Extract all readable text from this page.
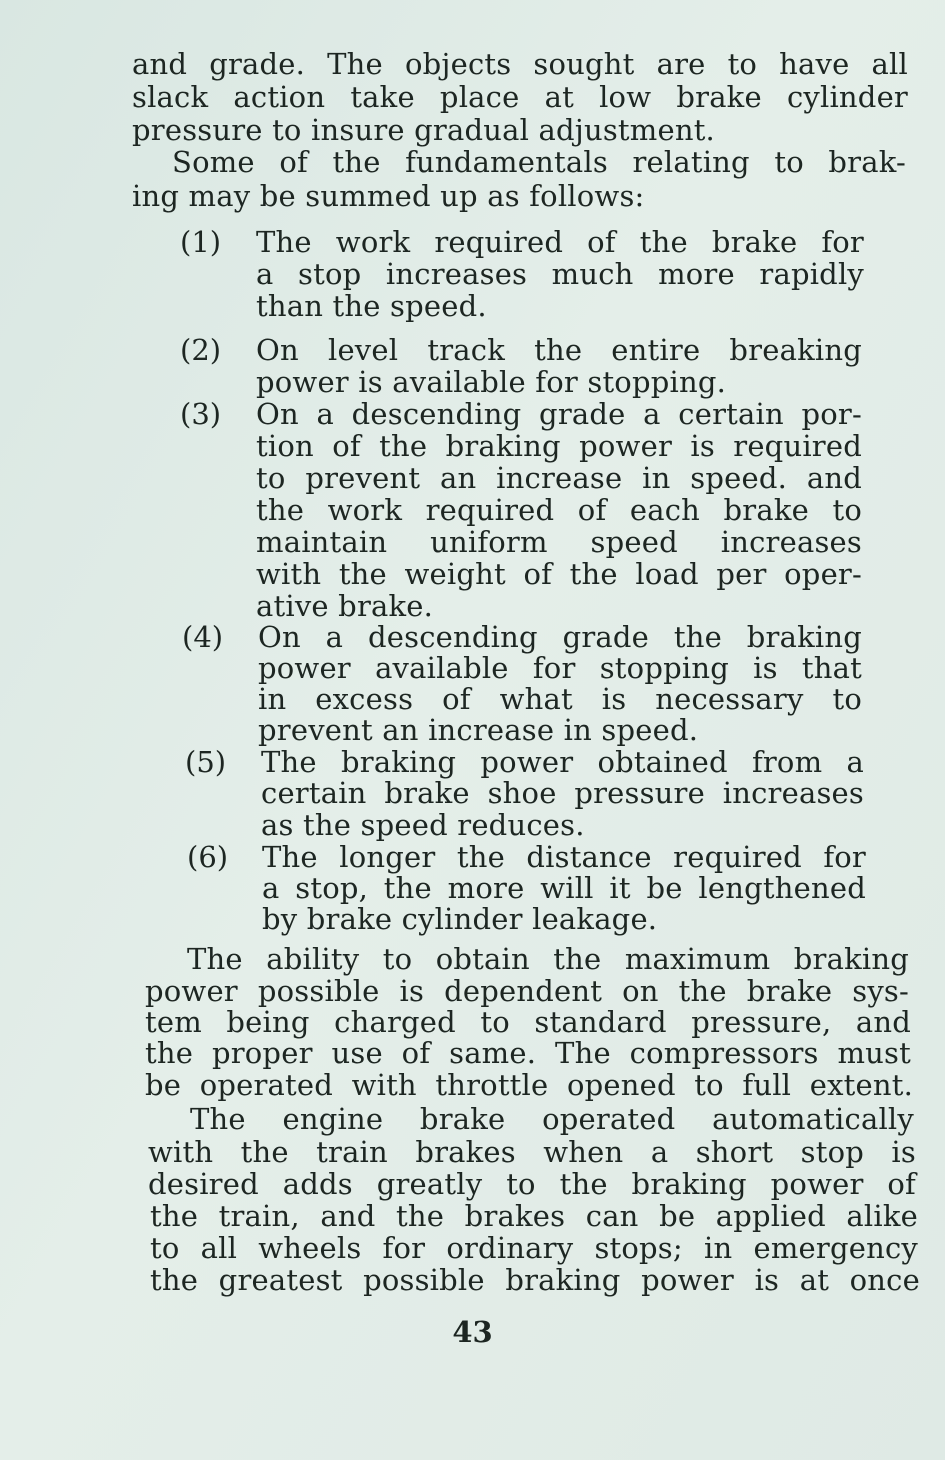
and grade. The objects sought are to have all
slack action take place at low brake cylinder
pressure to insure gradual adjustment.
Some of the fundamentals relating to brak-
ing may be summed up as follows:
(1) The work required of the brake for
a stop increases much more rapidly
than the speed.
(2) On level track the entire breaking
power is available for stopping.
(3) On a descending grade a certain por-
tion of the braking power is required
to prevent an increase in speed. and
the work required of each brake to
maintain uniform speed increases
with the weight of the load per oper-
ative brake.
(4) On a descending grade the braking
power available for stopping is that
in excess of what is necessary to
prevent an increase in speed.
(5) The braking power obtained from a
certain brake shoe pressure increases
as the speed reduces.
(6) The longer the distance required for
a stop, the more will it be lengthened
by brake cylinder leakage.
The ability to obtain the maximum braking
power possible is dependent on the brake sys-
tem being charged to standard pressure, and
the proper use of same. The compressors must
be operated with throttle opened to full extent.
The engine brake operated automatically
with the train brakes when a short stop is
desired adds greatly to the braking power of
the train, and the brakes can be applied alike
to all wheels for ordinary stops; in emergency
the greatest possible braking power is at once
43
